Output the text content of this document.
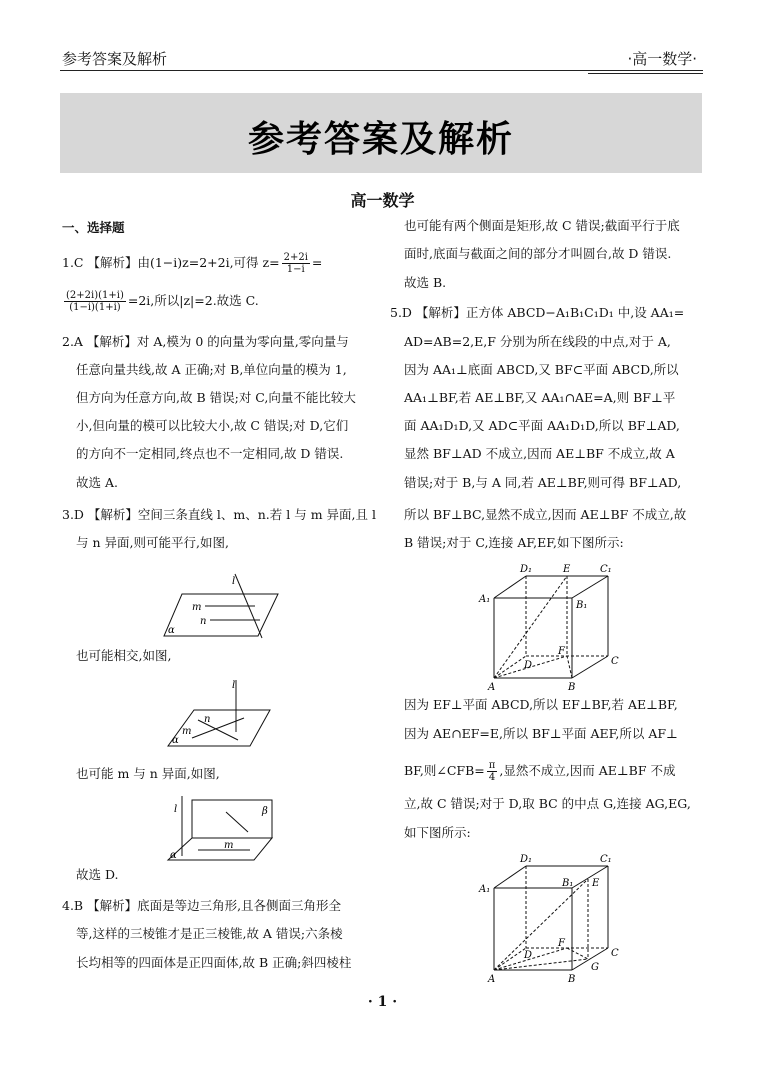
参考答案及解析	·高一数学·
参考答案及解析
高一数学
一、选择题
1.C 【解析】由(1−i)z=2+2i,可得 $z= \frac{2+2i}{1-i}$ =
$\frac{(2+2i)(1+i)}{(1-i)(1+i)} =2i$,所以|z|=2.故选 C.
2.A 【解析】对 A,模为 0 的向量为零向量,零向量与
任意向量共线,故 A 正确;对 B,单位向量的模为 1,
但方向为任意方向,故 B 错误;对 C,向量不能比较大
小,但向量的模可以比较大小,故 C 错误;对 D,它们
的方向不一定相同,终点也不一定相同,故 D 错误.
故选 A.
3.D 【解析】空间三条直线 l、m、n.若 l 与 m 异面,且 l
与 n 异面,则可能平行,如图,
l
m
n
α
也可能相交,如图,
l
n
m
α
也可能 m 与 n 异面,如图,
l	β
m
α
故选 D.
4.B 【解析】底面是等边三角形,且各侧面三角形全
等,这样的三棱锥才是正三棱锥,故 A 错误;六条棱
长均相等的四面体是正四面体,故 B 正确;斜四棱柱
也可能有两个侧面是矩形,故 C 错误;截面平行于底
面时,底面与截面之间的部分才叫圆台,故 D 错误.
故选 B.
5.D 【解析】正方体 ABCD−A₁B₁C₁D₁ 中,设 AA₁=
AD=AB=2,E,F 分别为所在线段的中点,对于 A,
因为 AA₁⊥底面 ABCD,又 BF⊂平面 ABCD,所以
AA₁⊥BF,若 AE⊥BF,又 AA₁∩AE=A,则 BF⊥平
面 AA₁D₁D,又 AD⊂平面 AA₁D₁D,所以 BF⊥AD,
显然 BF⊥AD 不成立,因而 AE⊥BF 不成立,故 A
错误;对于 B,与 A 同,若 AE⊥BF,则可得 BF⊥AD,
所以 BF⊥BC,显然不成立,因而 AE⊥BF 不成立,故
B 错误;对于 C,连接 AF,EF,如下图所示:
D₁	E	C₁
A₁
B₁
F
D	C
A	B
因为 EF⊥平面 ABCD,所以 EF⊥BF,若 AE⊥BF,
因为 AE∩EF=E,所以 BF⊥平面 AEF,所以 AF⊥
BF,则∠CFB= $\frac{\pi}{4}$ ,显然不成立,因而 AE⊥BF 不成
立,故 C 错误;对于 D,取 BC 的中点 G,连接 AG,EG,
如下图所示:
D₁	C₁
A₁
B₁ E
F
D	C
G
A	B
· 1 ·
